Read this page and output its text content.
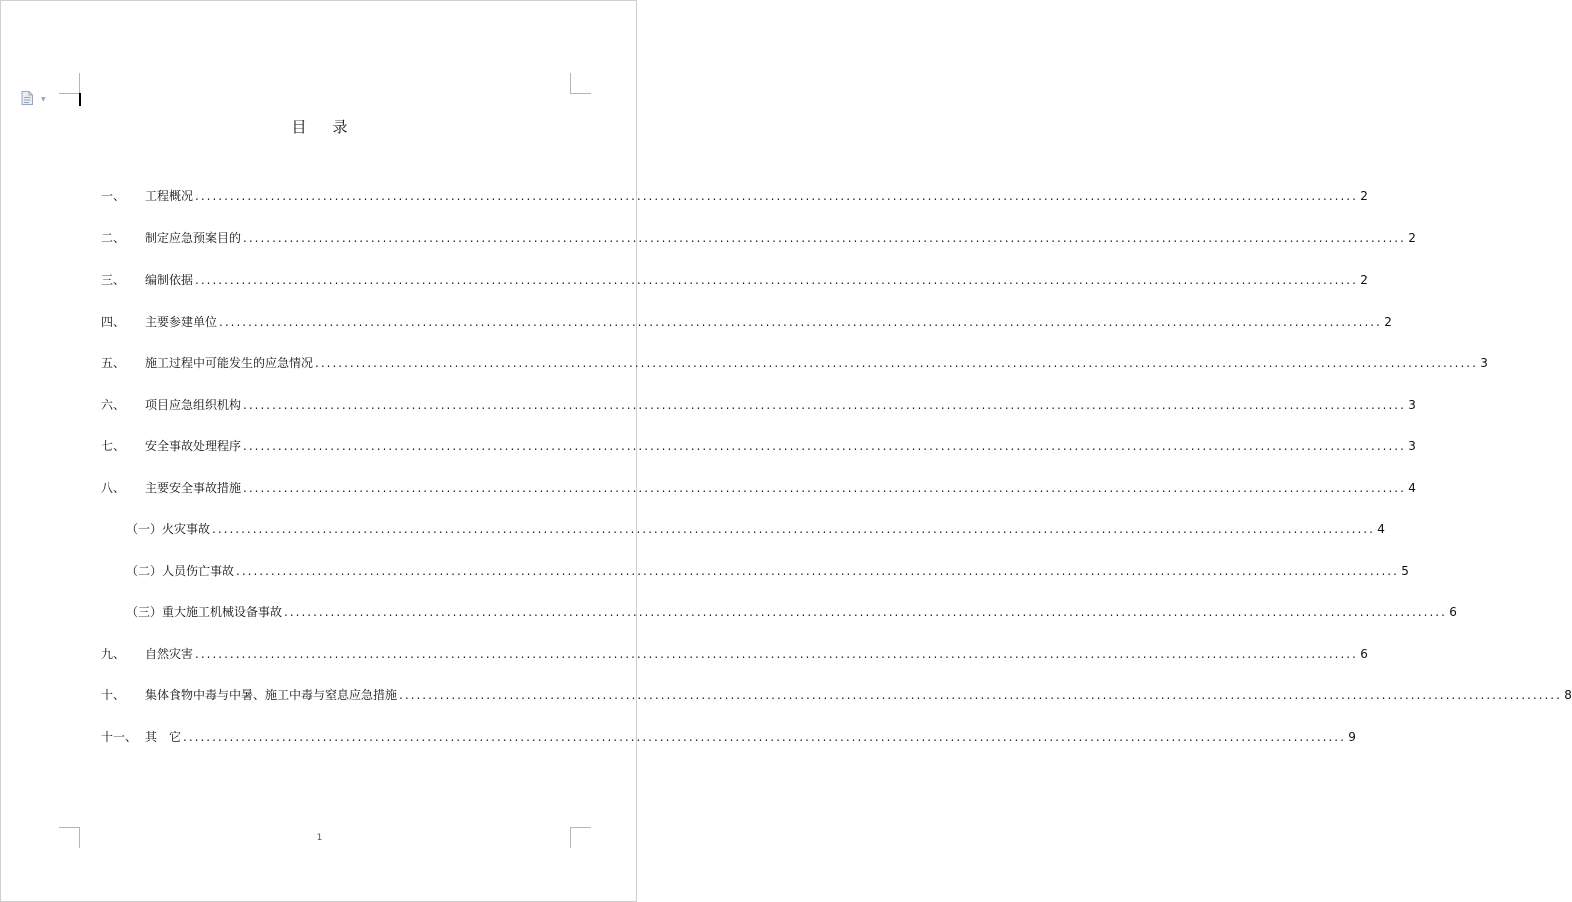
▼
目 录
一、	工程概况 ........................................................................................................................................................................................................ 2
二、	制定应急预案目的 ........................................................................................................................................................................................................ 2
三、	编制依据 ........................................................................................................................................................................................................ 2
四、	主要参建单位 ........................................................................................................................................................................................................ 2
五、	施工过程中可能发生的应急情况 ........................................................................................................................................................................................................ 3
六、	项目应急组织机构 ........................................................................................................................................................................................................ 3
七、	安全事故处理程序 ........................................................................................................................................................................................................ 3
八、	主要安全事故措施 ........................................................................................................................................................................................................ 4
（一）火灾事故 ........................................................................................................................................................................................................ 4
（二）人员伤亡事故 ........................................................................................................................................................................................................ 5
（三）重大施工机械设备事故 ........................................................................................................................................................................................................ 6
九、	自然灾害 ........................................................................................................................................................................................................ 6
十、	集体食物中毒与中暑、施工中毒与窒息应急措施 ........................................................................................................................................................................................................ 8
十一、 其　它 ........................................................................................................................................................................................................ 9
1
